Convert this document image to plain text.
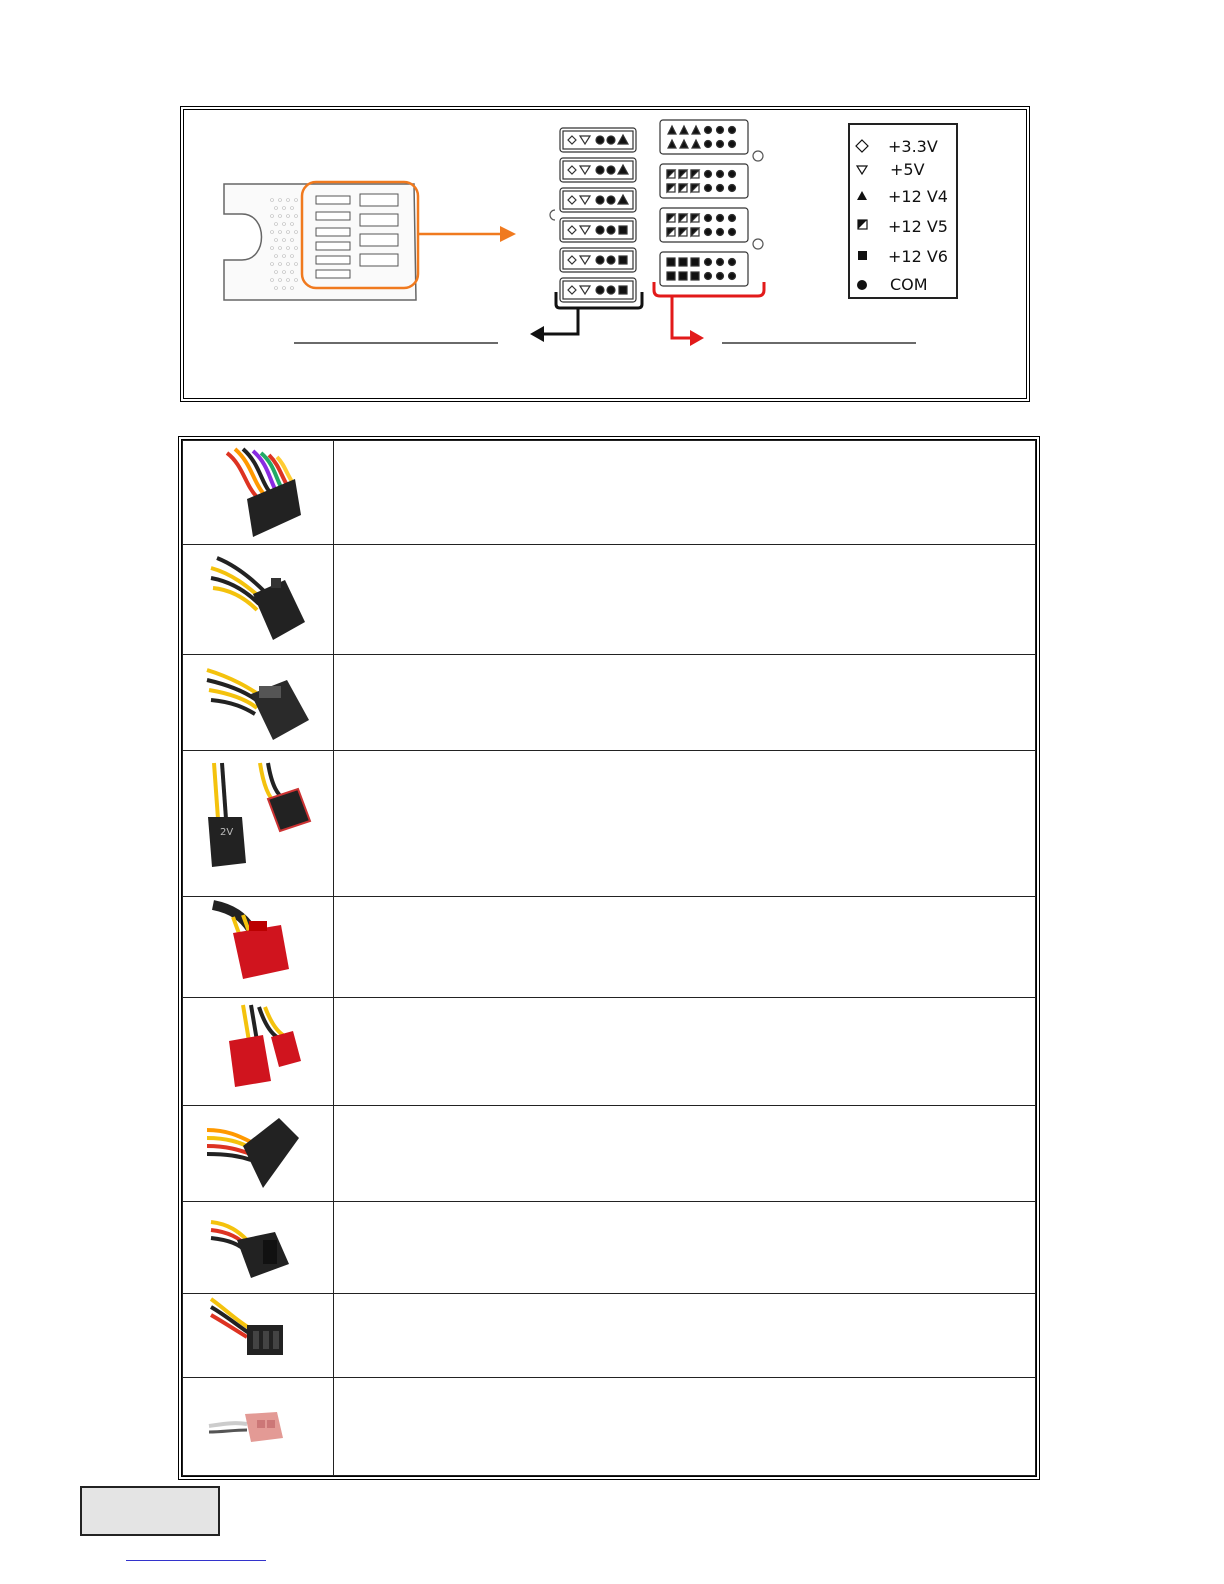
+3.3V
+5V
+12 V4
+12 V5
+12 V6
COM

2V	
